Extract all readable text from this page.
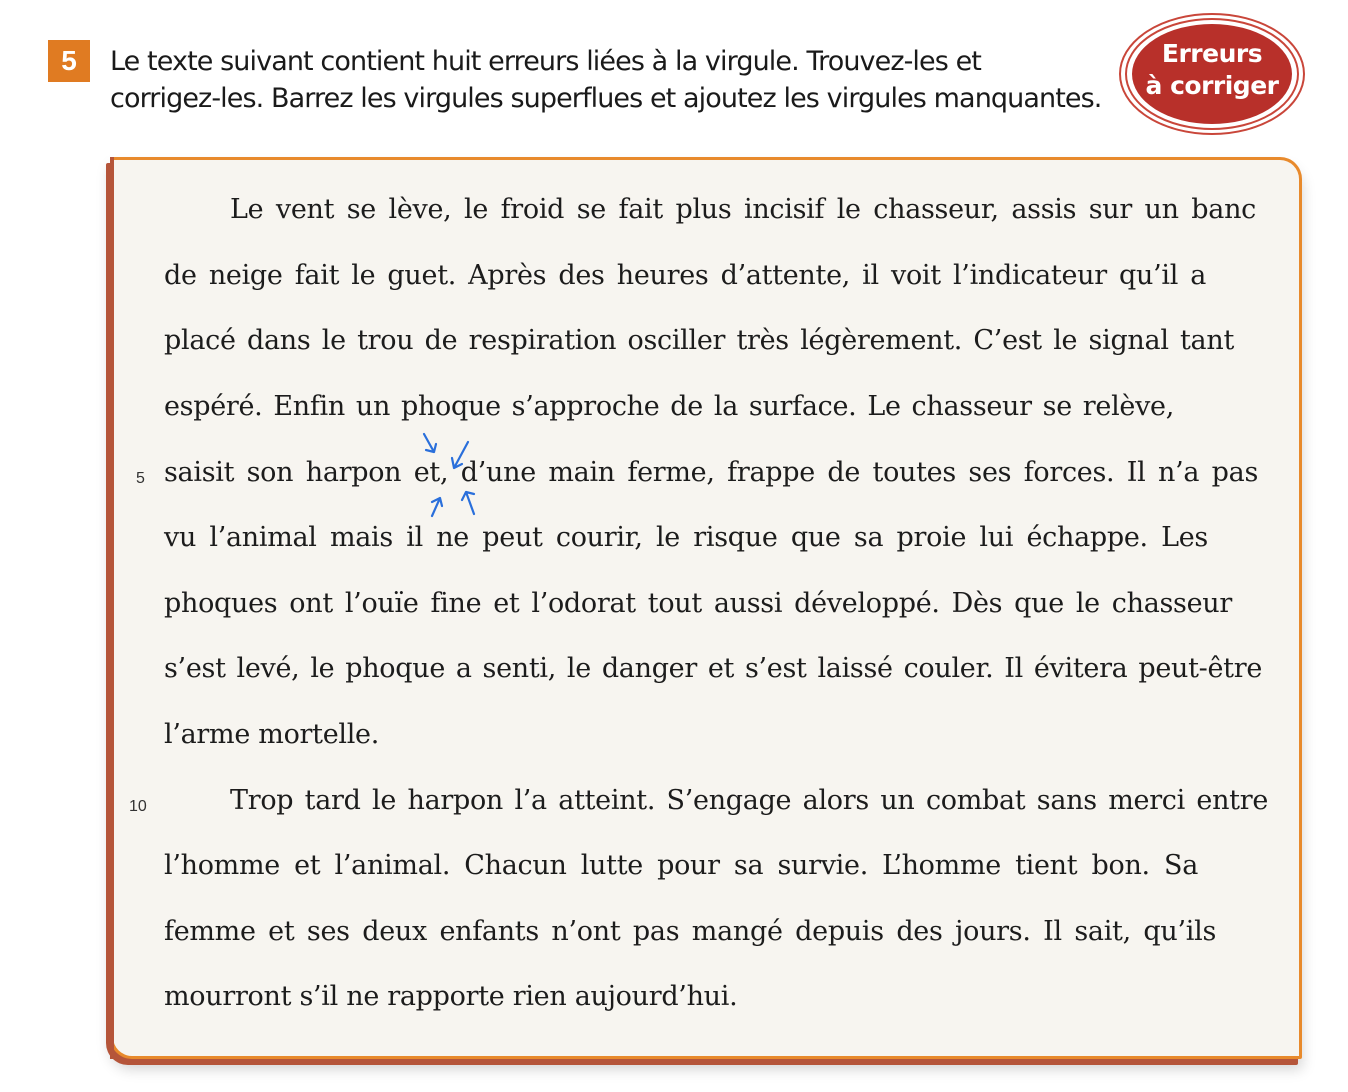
5	Le texte suivant contient huit erreurs liées à la virgule. Trouvez-les et
corrigez-les. Barrez les virgules superflues et ajoutez les virgules manquantes.
Erreurs
à corriger
Le vent se lève, le froid se fait plus incisif le chasseur, assis sur un banc
de neige fait le guet. Après des heures d’attente, il voit l’indicateur qu’il a
placé dans le trou de respiration osciller très légèrement. C’est le signal tant
espéré. Enfin un phoque s’approche de la surface. Le chasseur se relève,
saisit son harpon et, d’une main ferme, frappe de toutes ses forces. Il n’a pas
vu l’animal mais il ne peut courir, le risque que sa proie lui échappe. Les
phoques ont l’ouïe fine et l’odorat tout aussi développé. Dès que le chasseur
s’est levé, le phoque a senti, le danger et s’est laissé couler. Il évitera peut-être
l’arme mortelle.
Trop tard le harpon l’a atteint. S’engage alors un combat sans merci entre
l’homme et l’animal. Chacun lutte pour sa survie. L’homme tient bon. Sa
femme et ses deux enfants n’ont pas mangé depuis des jours. Il sait, qu’ils
mourront s’il ne rapporte rien aujourd’hui.
5
10
